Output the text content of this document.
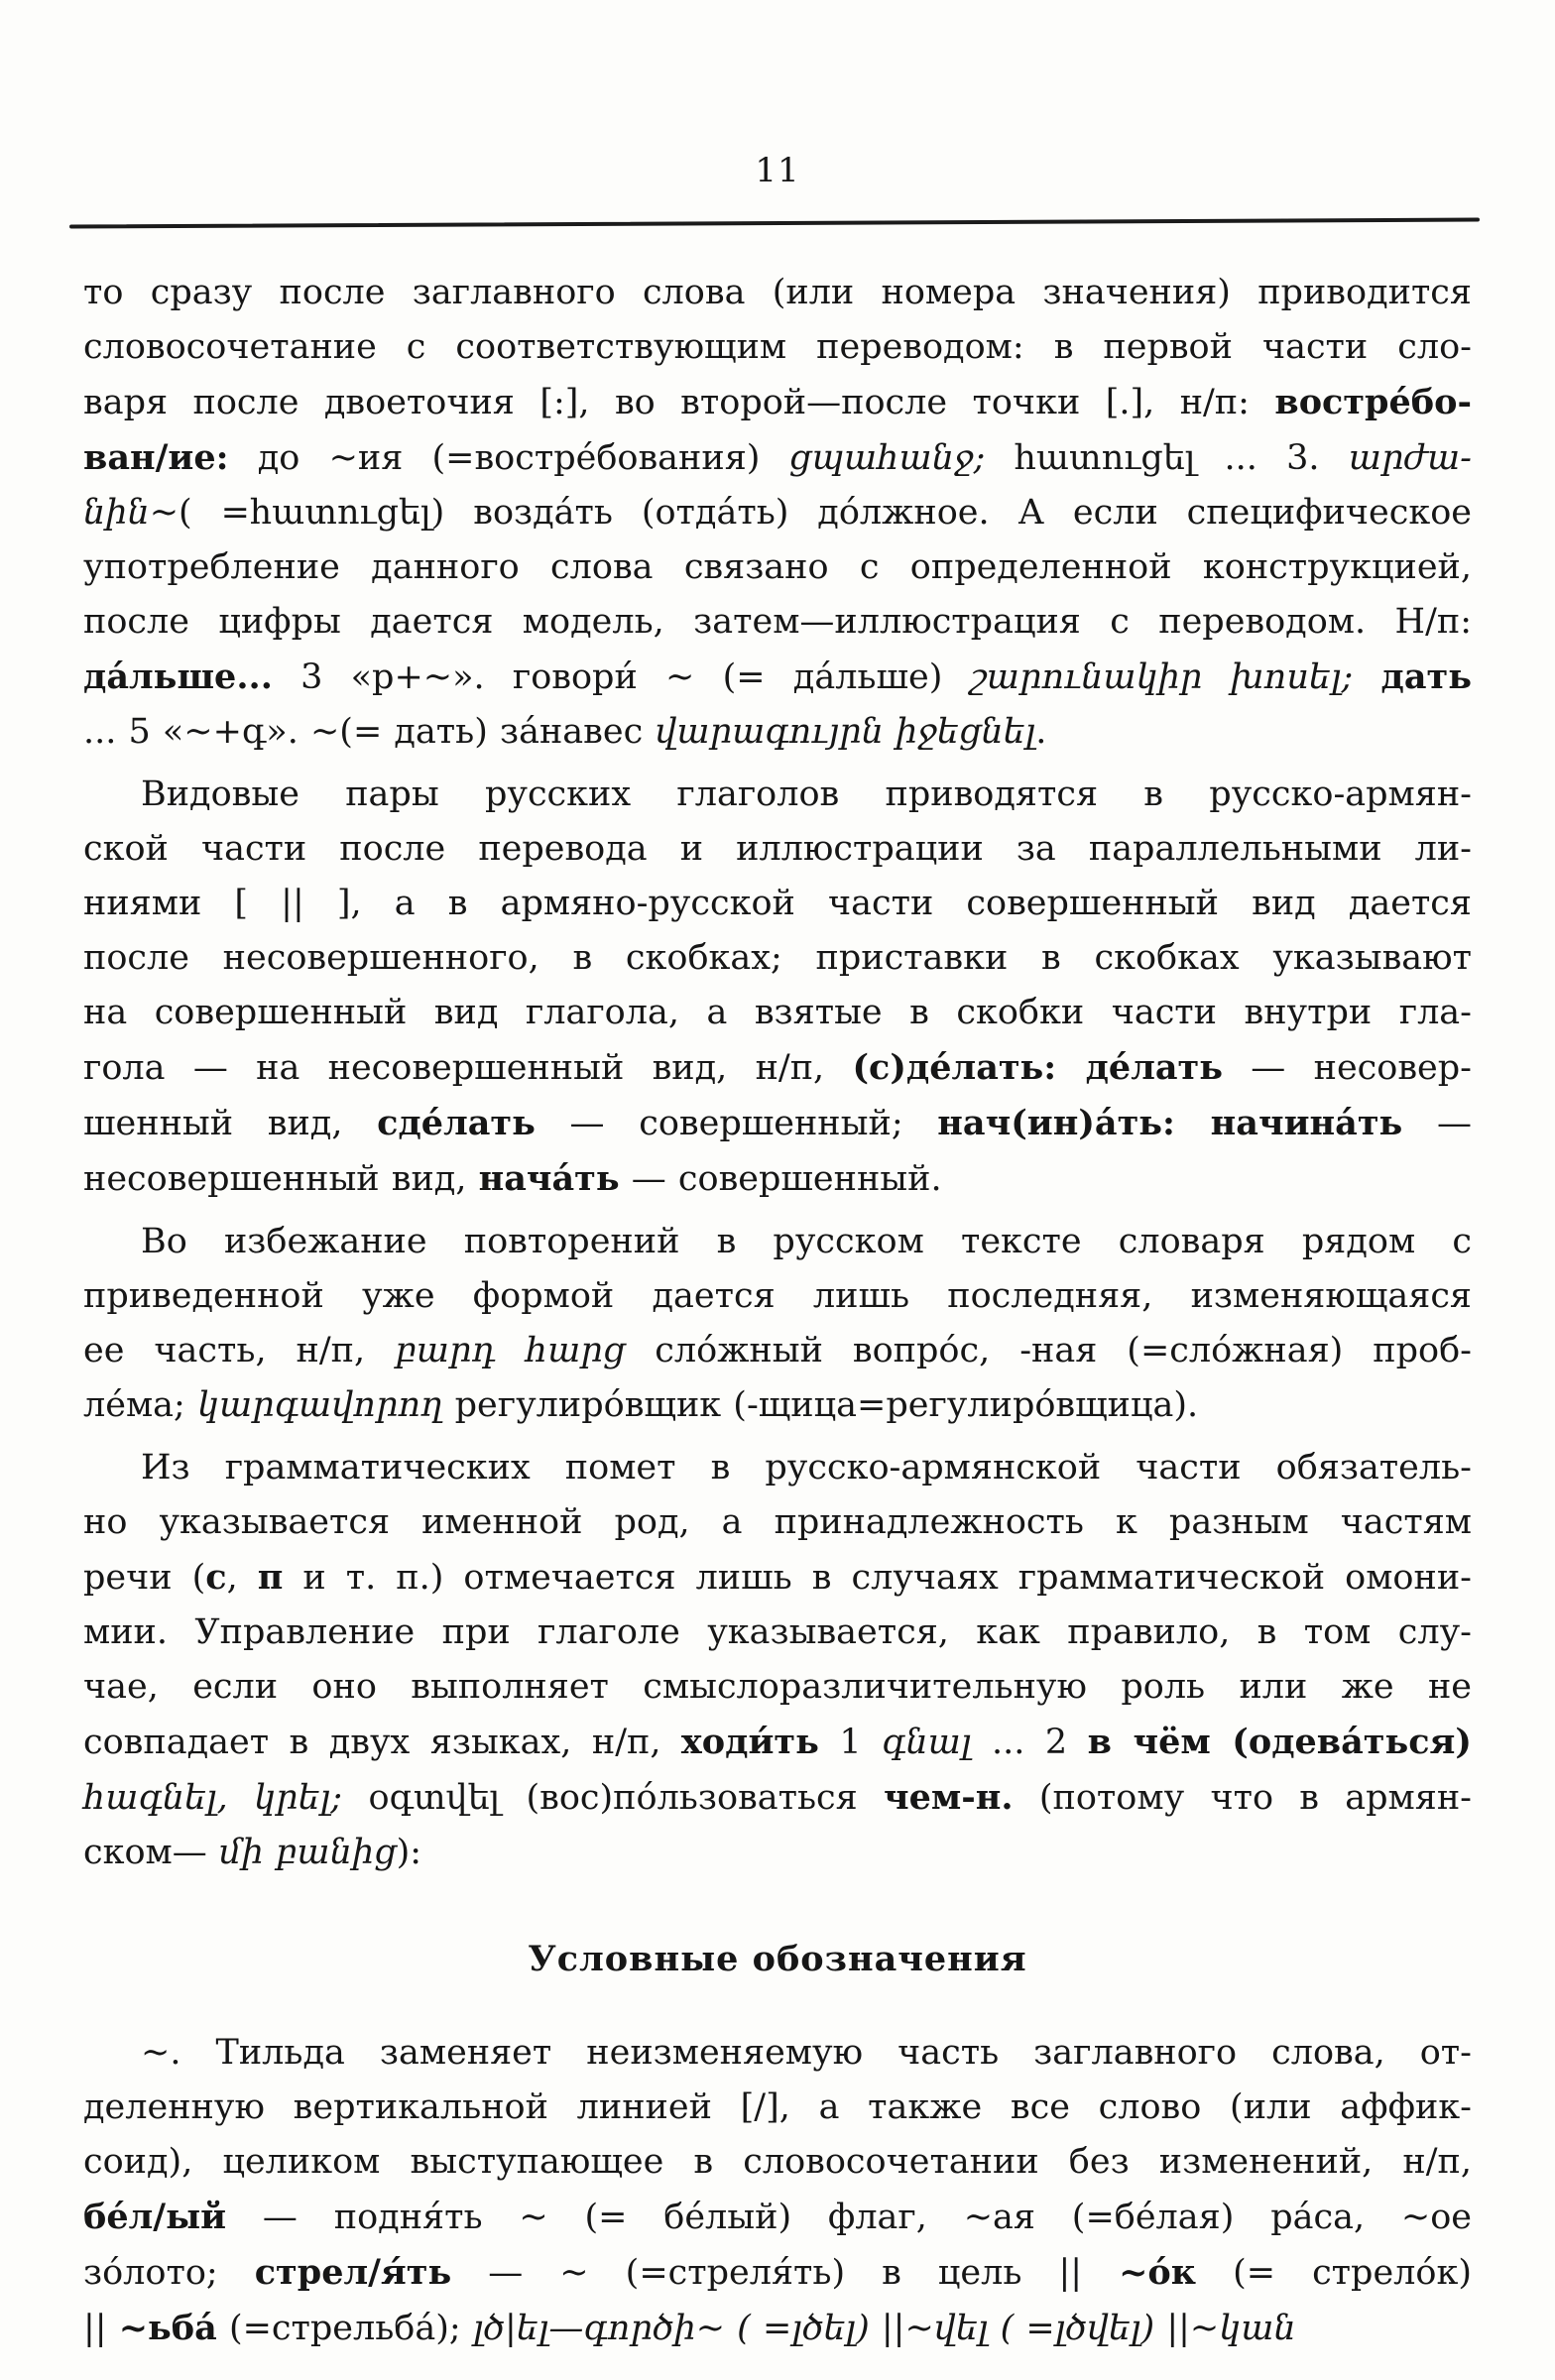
11
то сразу после заглавного слова (или номера значения) приводится
словосочетание с соответствующим переводом: в первой части сло-
варя после двоеточия [:], во второй—после точки [.], н/п: востре́бо-
ван/ие: до ~ия (=востре́бования) ցպահանջ; հատուցել ... 3. արժա-
նին~( =հատուցել) возда́ть (отда́ть) до́лжное. А если специфическое
употребление данного слова связано с определенной конструкцией,
после цифры дается модель, затем—иллюстрация с переводом. Н/п:
да́льше... 3 «р+~». говори́ ~ (= да́льше) շարունակիր խոսել; дать
... 5 «~+գ». ~(= дать) за́навес վարագույրն իջեցնել.
Видовые пары русских глаголов приводятся в русско-армян-
ской части после перевода и иллюстрации за параллельными ли-
ниями [ || ], а в армяно-русской части совершенный вид дается
после несовершенного, в скобках; приставки в скобках указывают
на совершенный вид глагола, а взятые в скобки части внутри гла-
гола — на несовершенный вид, н/п, (с)де́лать: де́лать — несовер-
шенный вид, сде́лать — совершенный; нач(ин)а́ть: начина́ть —
несовершенный вид, нача́ть — совершенный.
Во избежание повторений в русском тексте словаря рядом с
приведенной уже формой дается лишь последняя, изменяющаяся
ее часть, н/п, բարդ հարց сло́жный вопро́с, -ная (=сло́жная) проб-
ле́ма; կարգավորող регулиро́вщик (-щица=регулиро́вщица).
Из грамматических помет в русско-армянской части обязатель-
но указывается именной род, а принадлежность к разным частям
речи (с, п и т. п.) отмечается лишь в случаях грамматической омони-
мии. Управление при глаголе указывается, как правило, в том слу-
чае, если оно выполняет смыслоразличительную роль или же не
совпадает в двух языках, н/п, ходи́ть 1 գնալ ... 2 в чём (одева́ться)
հագնել, կրել; օգտվել (вос)по́льзоваться чем-н. (потому что в армян-
ском— մի բանից):
Условные обозначения
~. Тильда заменяет неизменяемую часть заглавного слова, от-
деленную вертикальной линией [/], а также все слово (или аффик-
соид), целиком выступающее в словосочетании без изменений, н/п,
бе́л/ый — подня́ть ~ (= бе́лый) флаг, ~ая (=бе́лая) ра́са, ~ое
зо́лото; стрел/я́ть — ~ (=стреля́ть) в цель || ~о́к (= стрело́к)
|| ~ьба́ (=стрельба́); լծ|ել—գործի~ ( =լծել) ||~վել ( =լծվել) ||~կան
